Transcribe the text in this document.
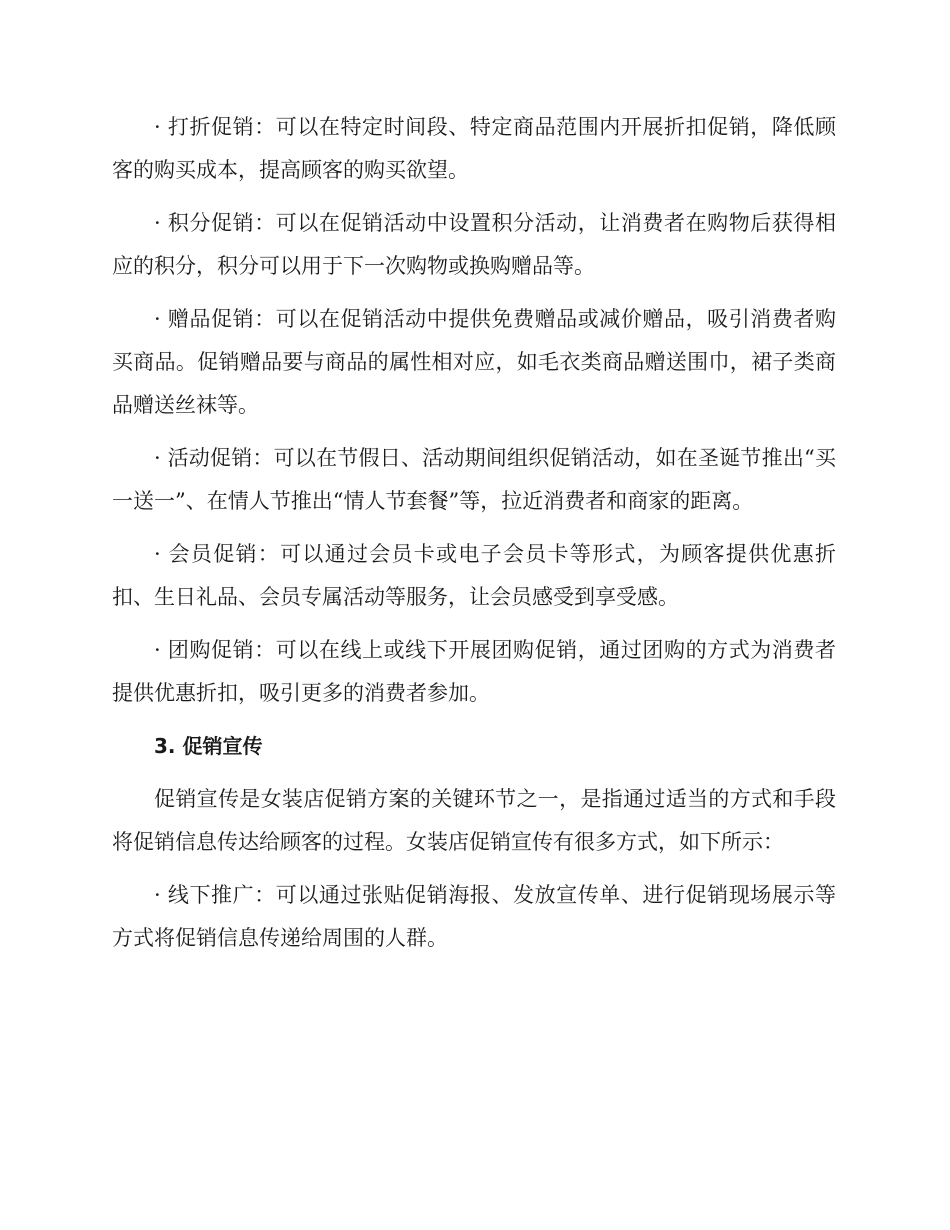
· 打折促销：可以在特定时间段、特定商品范围内开展折扣促销，降低顾客的购买成本，提高顾客的购买欲望。

· 积分促销：可以在促销活动中设置积分活动，让消费者在购物后获得相应的积分，积分可以用于下一次购物或换购赠品等。

· 赠品促销：可以在促销活动中提供免费赠品或减价赠品，吸引消费者购买商品。促销赠品要与商品的属性相对应，如毛衣类商品赠送围巾，裙子类商品赠送丝袜等。

· 活动促销：可以在节假日、活动期间组织促销活动，如在圣诞节推出“买一送一”、在情人节推出“情人节套餐”等，拉近消费者和商家的距离。

· 会员促销：可以通过会员卡或电子会员卡等形式，为顾客提供优惠折扣、生日礼品、会员专属活动等服务，让会员感受到享受感。

· 团购促销：可以在线上或线下开展团购促销，通过团购的方式为消费者提供优惠折扣，吸引更多的消费者参加。

3. 促销宣传

促销宣传是女装店促销方案的关键环节之一，是指通过适当的方式和手段将促销信息传达给顾客的过程。女装店促销宣传有很多方式，如下所示：

· 线下推广：可以通过张贴促销海报、发放宣传单、进行促销现场展示等方式将促销信息传递给周围的人群。
